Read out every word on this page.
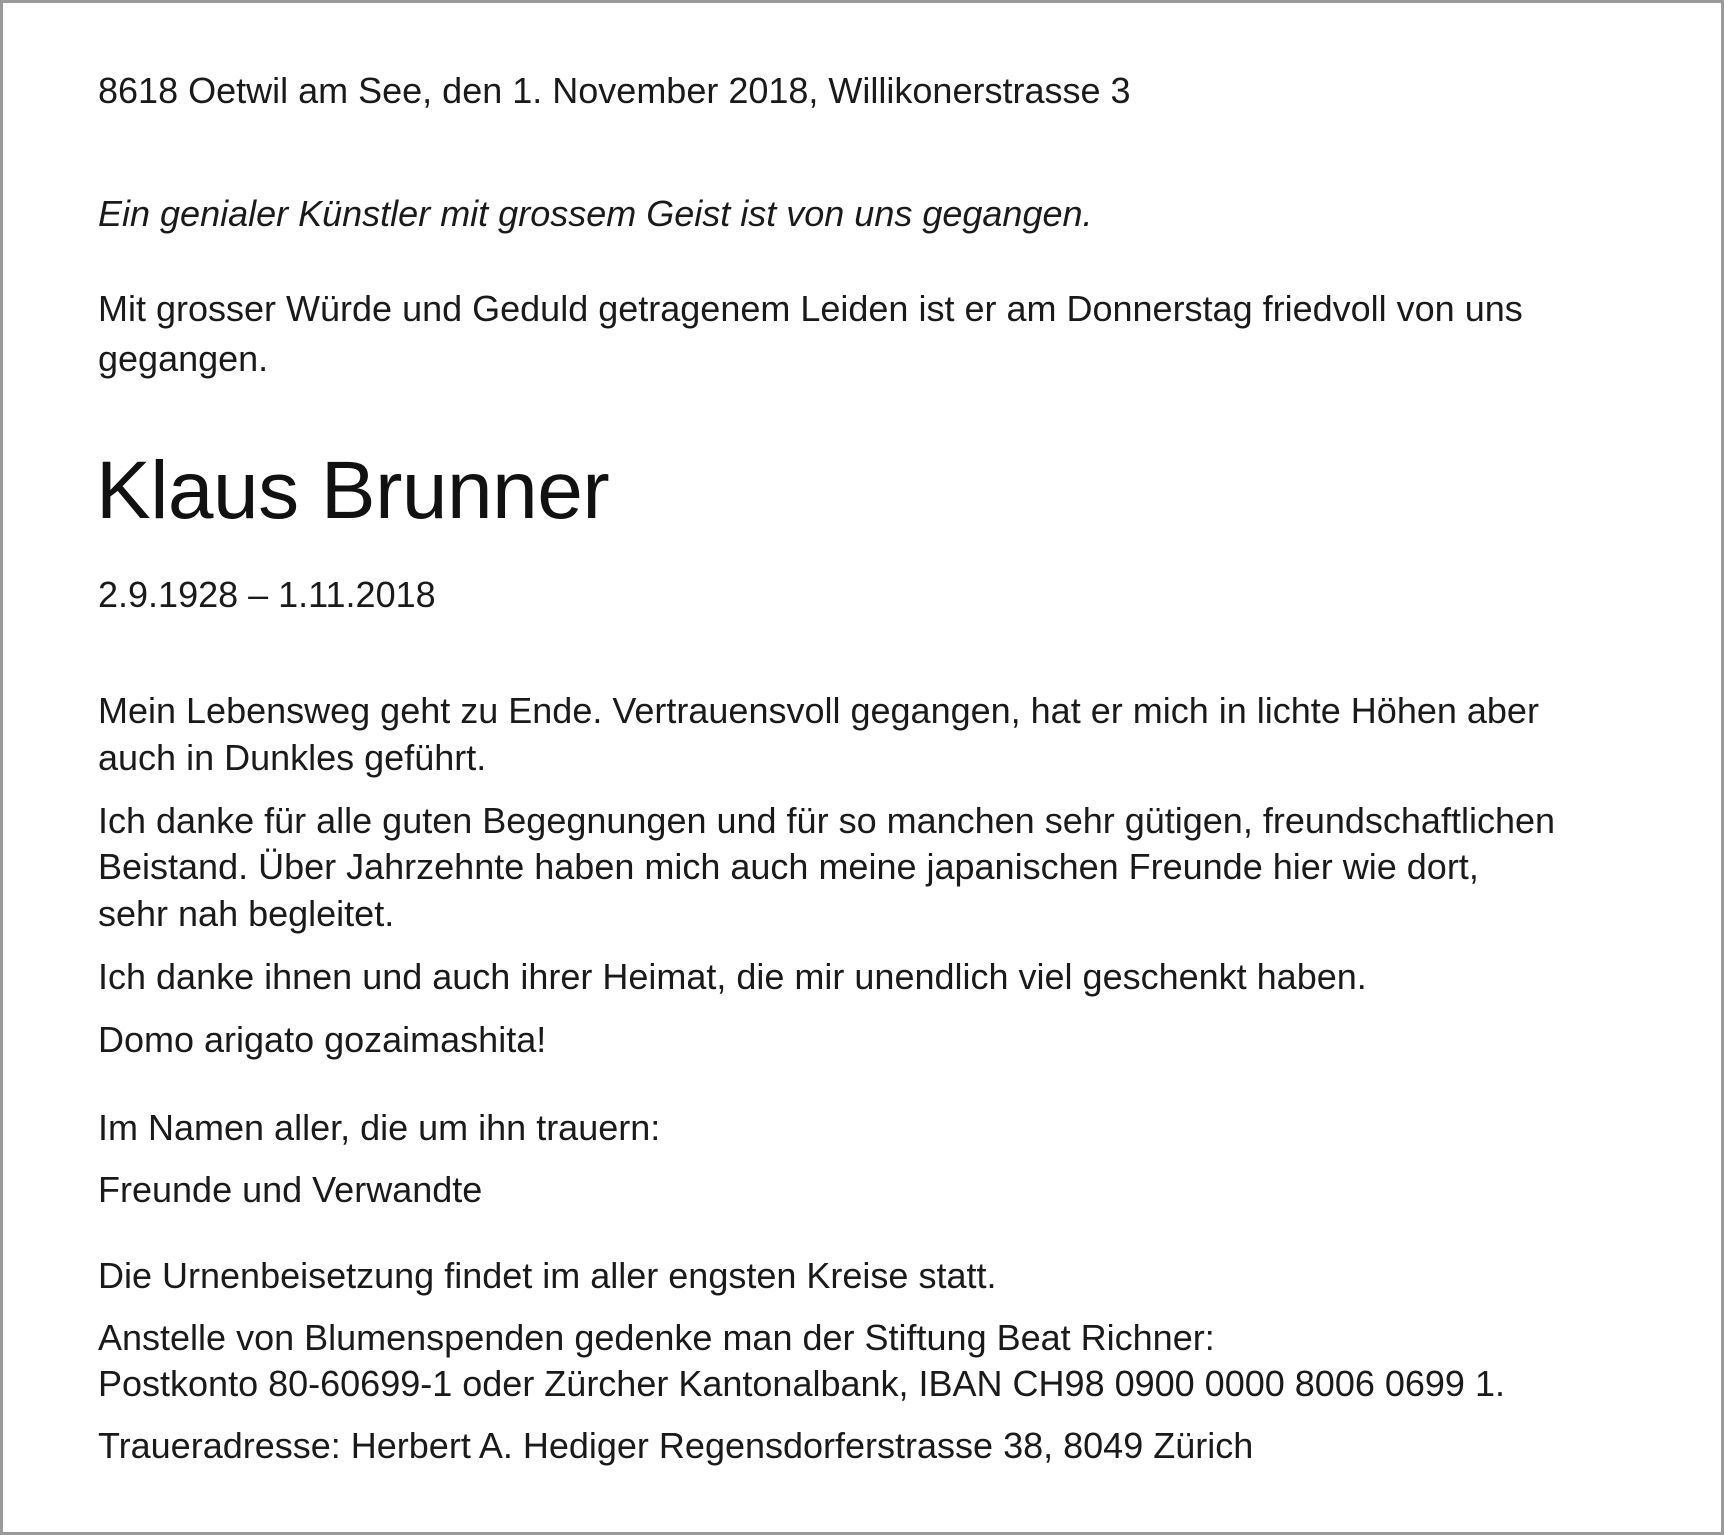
8618 Oetwil am See, den 1. November 2018, Willikonerstrasse 3

Ein genialer Künstler mit grossem Geist ist von uns gegangen.

Mit grosser Würde und Geduld getragenem Leiden ist er am Donnerstag friedvoll von uns

gegangen.

Klaus Brunner

2.9.1928 – 1.11.2018

Mein Lebensweg geht zu Ende. Vertrauensvoll gegangen, hat er mich in lichte Höhen aber

auch in Dunkles geführt.

Ich danke für alle guten Begegnungen und für so manchen sehr gütigen, freundschaftlichen

Beistand. Über Jahrzehnte haben mich auch meine japanischen Freunde hier wie dort,

sehr nah begleitet.

Ich danke ihnen und auch ihrer Heimat, die mir unendlich viel geschenkt haben.

Domo arigato gozaimashita!

Im Namen aller, die um ihn trauern:

Freunde und Verwandte

Die Urnenbeisetzung findet im aller engsten Kreise statt.

Anstelle von Blumenspenden gedenke man der Stiftung Beat Richner:

Postkonto 80-60699-1 oder Zürcher Kantonalbank, IBAN CH98 0900 0000 8006 0699 1.

Traueradresse: Herbert A. Hediger Regensdorferstrasse 38, 8049 Zürich
